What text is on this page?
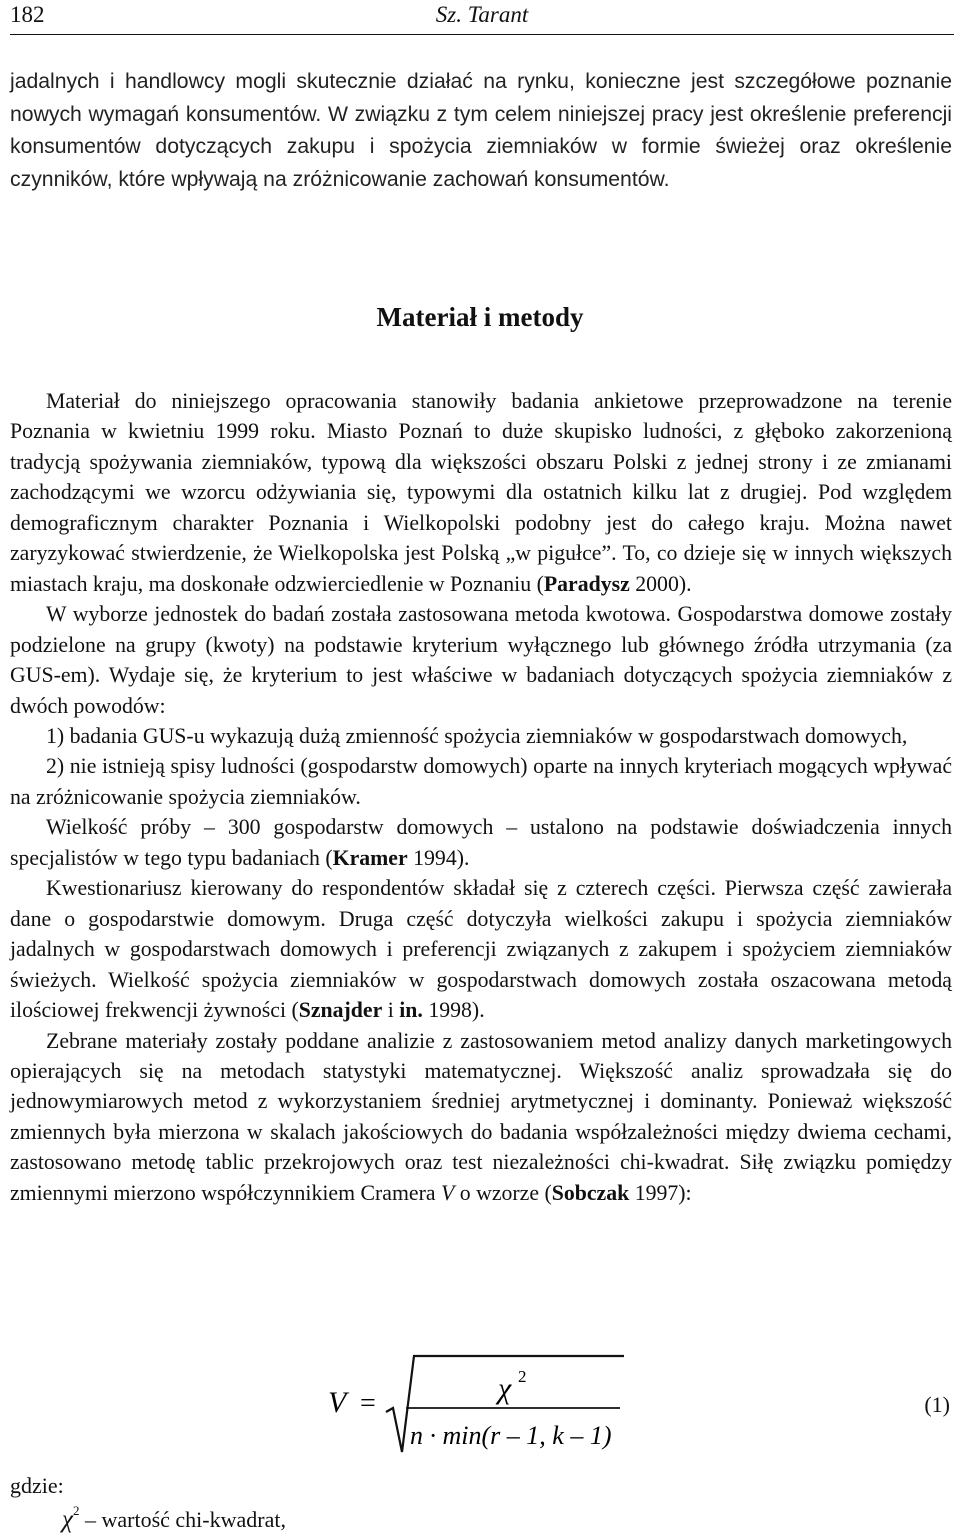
182	Sz. Tarant

jadalnych i handlowcy mogli skutecznie działać na rynku, konieczne jest szczegółowe poznanie nowych wymagań konsumentów. W związku z tym celem niniejszej pracy jest określenie preferencji konsumentów dotyczących zakupu i spożycia ziemniaków w formie świeżej oraz określenie czynników, które wpływają na zróżnicowanie zachowań konsumentów.

Materiał i metody

Materiał do niniejszego opracowania stanowiły badania ankietowe przeprowadzone na terenie Poznania w kwietniu 1999 roku. Miasto Poznań to duże skupisko ludności, z głęboko zakorzenioną tradycją spożywania ziemniaków, typową dla większości obszaru Polski z jednej strony i ze zmianami zachodzącymi we wzorcu odżywiania się, typowymi dla ostatnich kilku lat z drugiej. Pod względem demograficznym charakter Poznania i Wielkopolski podobny jest do całego kraju. Można nawet zaryzykować stwierdzenie, że Wielkopolska jest Polską „w pigułce”. To, co dzieje się w innych większych miastach kraju, ma doskonałe odzwierciedlenie w Poznaniu (Paradysz 2000).

W wyborze jednostek do badań została zastosowana metoda kwotowa. Gospodarstwa domowe zostały podzielone na grupy (kwoty) na podstawie kryterium wyłącznego lub głównego źródła utrzymania (za GUS-em). Wydaje się, że kryterium to jest właściwe w badaniach dotyczących spożycia ziemniaków z dwóch powodów:

1) badania GUS-u wykazują dużą zmienność spożycia ziemniaków w gospodarstwach domowych,

2) nie istnieją spisy ludności (gospodarstw domowych) oparte na innych kryteriach mogących wpływać na zróżnicowanie spożycia ziemniaków.

Wielkość próby – 300 gospodarstw domowych – ustalono na podstawie doświadczenia innych specjalistów w tego typu badaniach (Kramer 1994).

Kwestionariusz kierowany do respondentów składał się z czterech części. Pierwsza część zawierała dane o gospodarstwie domowym. Druga część dotyczyła wielkości zakupu i spożycia ziemniaków jadalnych w gospodarstwach domowych i preferencji związanych z zakupem i spożyciem ziemniaków świeżych. Wielkość spożycia ziemniaków w gospodarstwach domowych została oszacowana metodą ilościowej frekwencji żywności (Sznajder i in. 1998).

Zebrane materiały zostały poddane analizie z zastosowaniem metod analizy danych marketingowych opierających się na metodach statystyki matematycznej. Większość analiz sprowadzała się do jednowymiarowych metod z wykorzystaniem średniej arytmetycznej i dominanty. Ponieważ większość zmiennych była mierzona w skalach jakościowych do badania współzależności między dwiema cechami, zastosowano metodę tablic przekrojowych oraz test niezależności chi-kwadrat. Siłę związku pomiędzy zmiennymi mierzono współczynnikiem Cramera V o wzorze (Sobczak 1997):

V =	χ 2
n · min(r – 1, k – 1)
(1)
gdzie:
$\chi^2$ – wartość chi-kwadrat,
